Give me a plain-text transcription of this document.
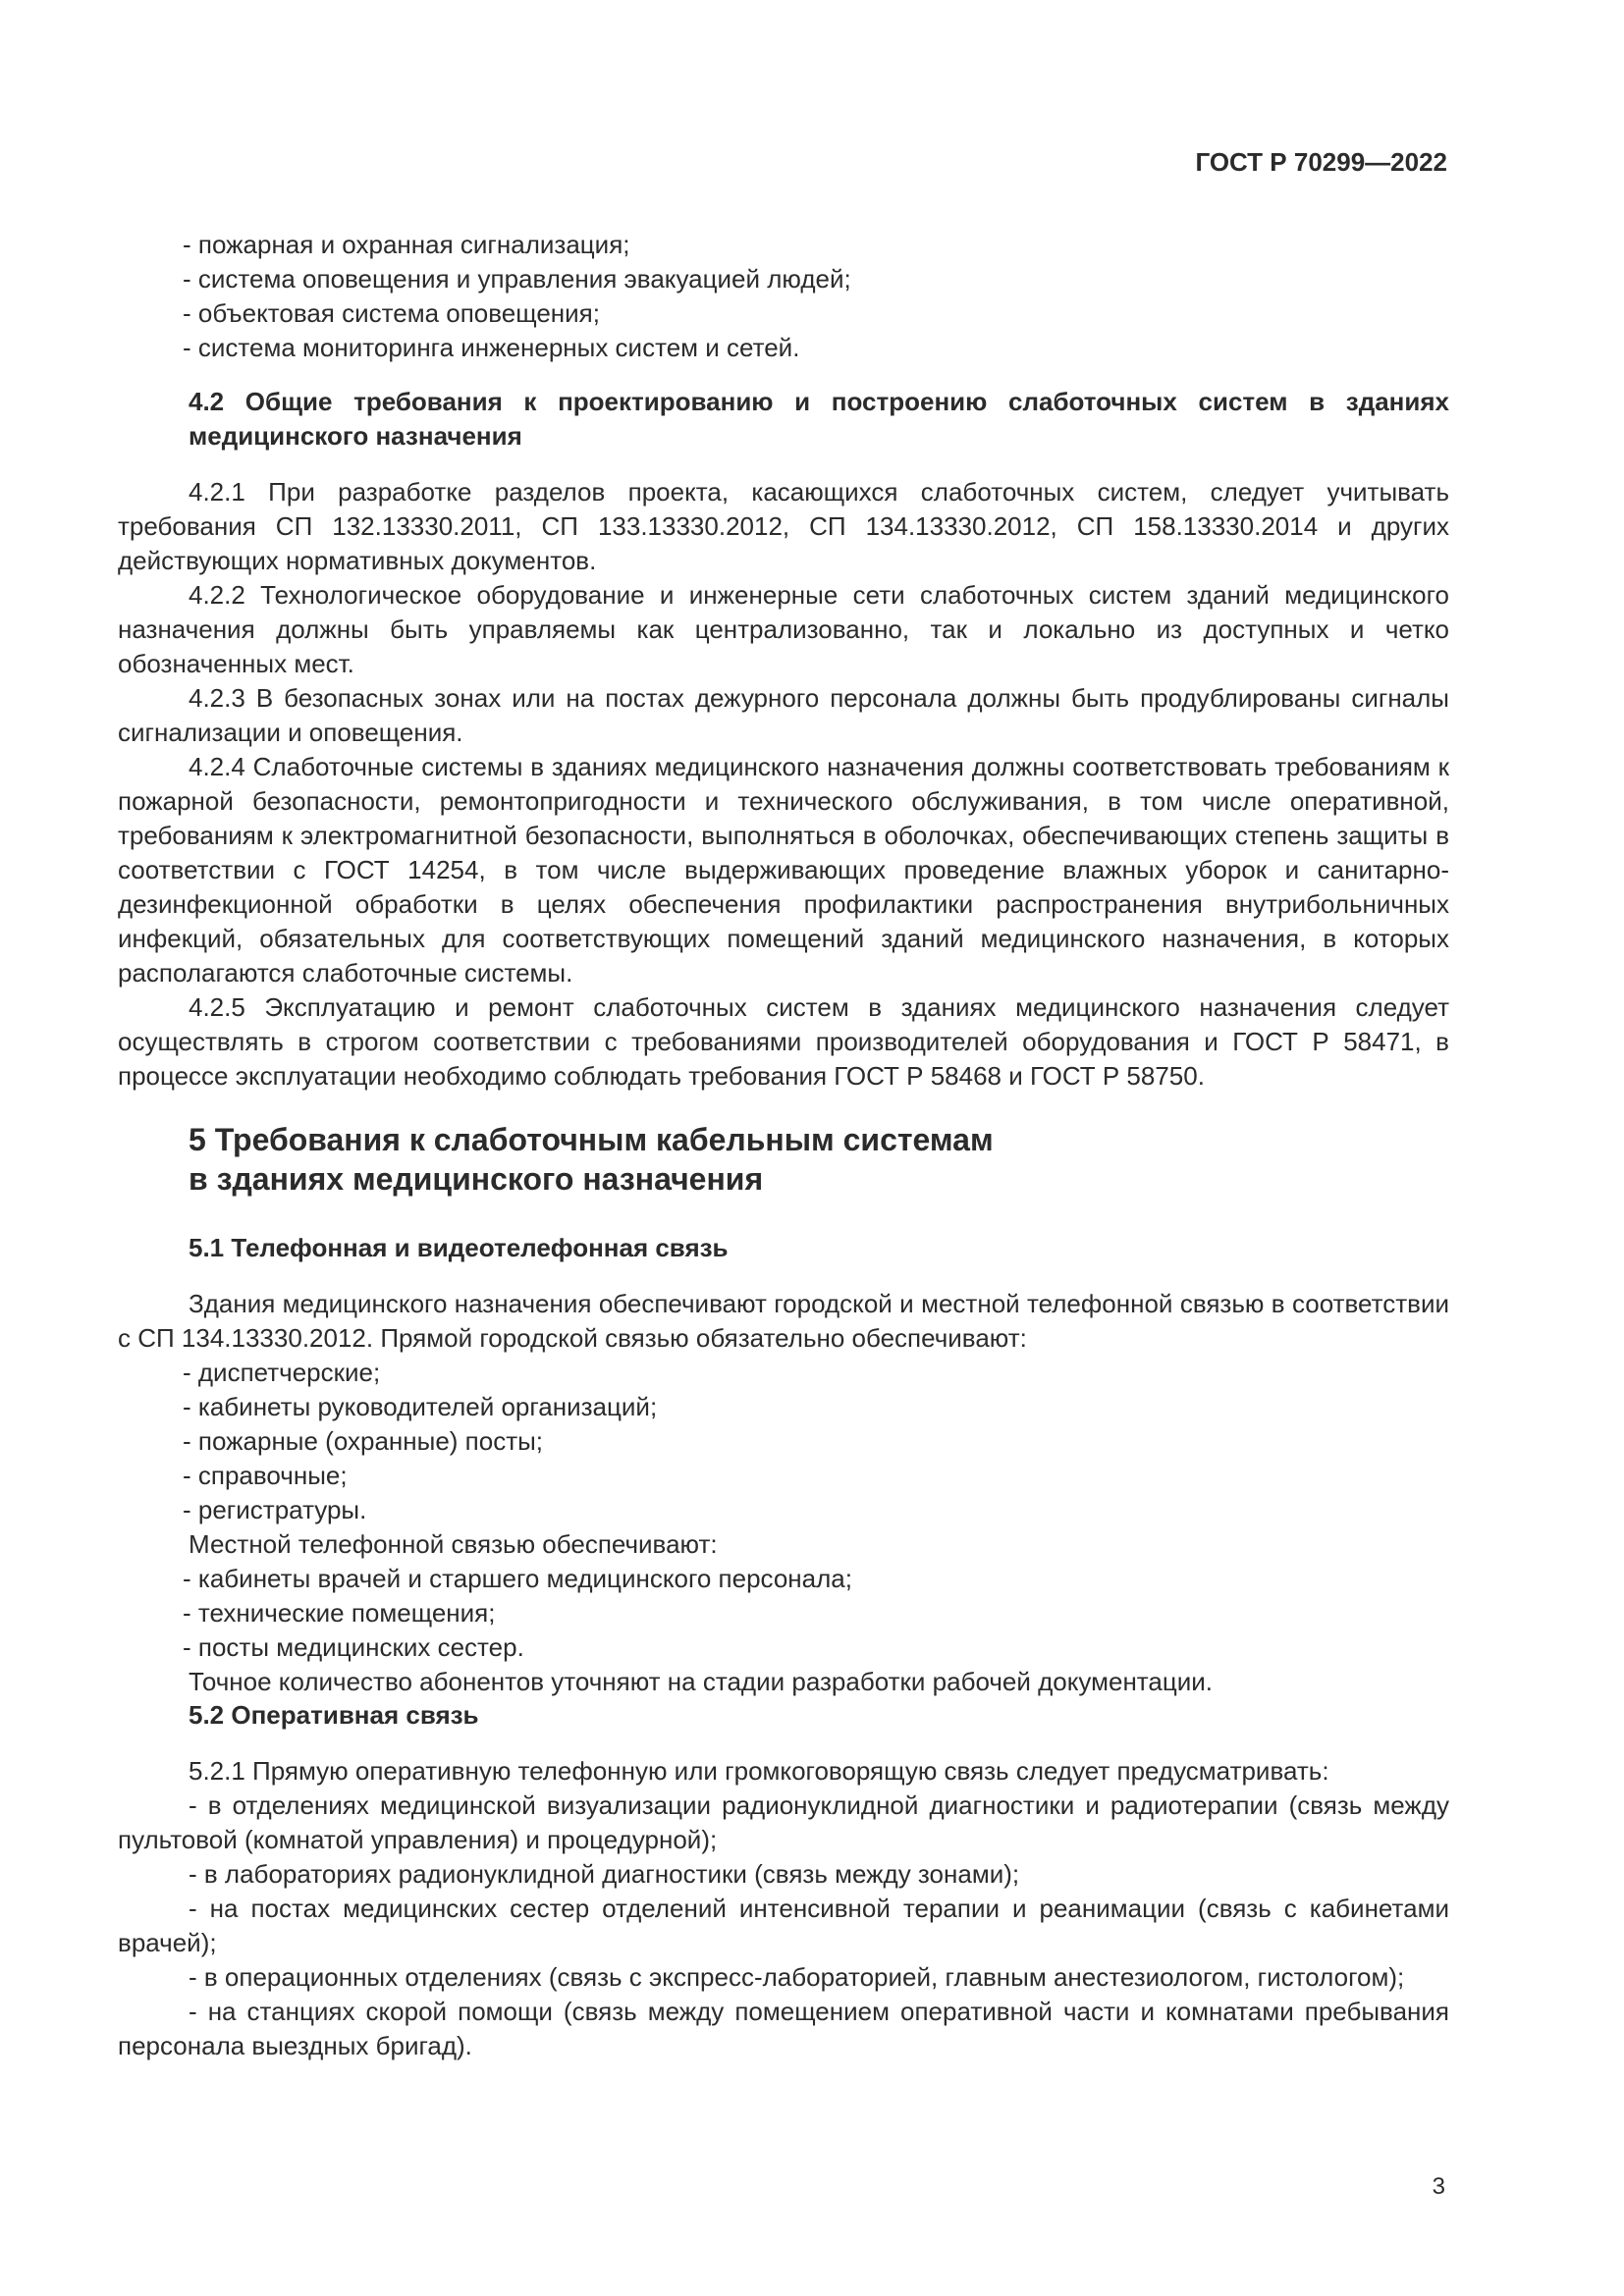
ГОСТ Р 70299—2022
- пожарная и охранная сигнализация;
- система оповещения и управления эвакуацией людей;
- объектовая система оповещения;
- система мониторинга инженерных систем и сетей.
4.2 Общие требования к проектированию и построению слаботочных систем в зданиях медицинского назначения
4.2.1 При разработке разделов проекта, касающихся слаботочных систем, следует учитывать требования СП 132.13330.2011, СП 133.13330.2012, СП 134.13330.2012, СП 158.13330.2014 и других действующих нормативных документов.
4.2.2 Технологическое оборудование и инженерные сети слаботочных систем зданий медицинского назначения должны быть управляемы как централизованно, так и локально из доступных и четко обозначенных мест.
4.2.3 В безопасных зонах или на постах дежурного персонала должны быть продублированы сигналы сигнализации и оповещения.
4.2.4 Слаботочные системы в зданиях медицинского назначения должны соответствовать требованиям к пожарной безопасности, ремонтопригодности и технического обслуживания, в том числе оперативной, требованиям к электромагнитной безопасности, выполняться в оболочках, обеспечивающих степень защиты в соответствии с ГОСТ 14254, в том числе выдерживающих проведение влажных уборок и санитарно-дезинфекционной обработки в целях обеспечения профилактики распространения внутрибольничных инфекций, обязательных для соответствующих помещений зданий медицинского назначения, в которых располагаются слаботочные системы.
4.2.5 Эксплуатацию и ремонт слаботочных систем в зданиях медицинского назначения следует осуществлять в строгом соответствии с требованиями производителей оборудования и ГОСТ Р 58471, в процессе эксплуатации необходимо соблюдать требования ГОСТ Р 58468 и ГОСТ Р 58750.
5 Требования к слаботочным кабельным системам
в зданиях медицинского назначения
5.1 Телефонная и видеотелефонная связь
Здания медицинского назначения обеспечивают городской и местной телефонной связью в соответствии с СП 134.13330.2012. Прямой городской связью обязательно обеспечивают:
- диспетчерские;
- кабинеты руководителей организаций;
- пожарные (охранные) посты;
- справочные;
- регистратуры.
Местной телефонной связью обеспечивают:
- кабинеты врачей и старшего медицинского персонала;
- технические помещения;
- посты медицинских сестер.
Точное количество абонентов уточняют на стадии разработки рабочей документации.
5.2 Оперативная связь
5.2.1 Прямую оперативную телефонную или громкоговорящую связь следует предусматривать:
- в отделениях медицинской визуализации радионуклидной диагностики и радиотерапии (связь между пультовой (комнатой управления) и процедурной);
- в лабораториях радионуклидной диагностики (связь между зонами);
- на постах медицинских сестер отделений интенсивной терапии и реанимации (связь с кабинетами врачей);
- в операционных отделениях (связь с экспресс-лабораторией, главным анестезиологом, гистологом);
- на станциях скорой помощи (связь между помещением оперативной части и комнатами пребывания персонала выездных бригад).
3
